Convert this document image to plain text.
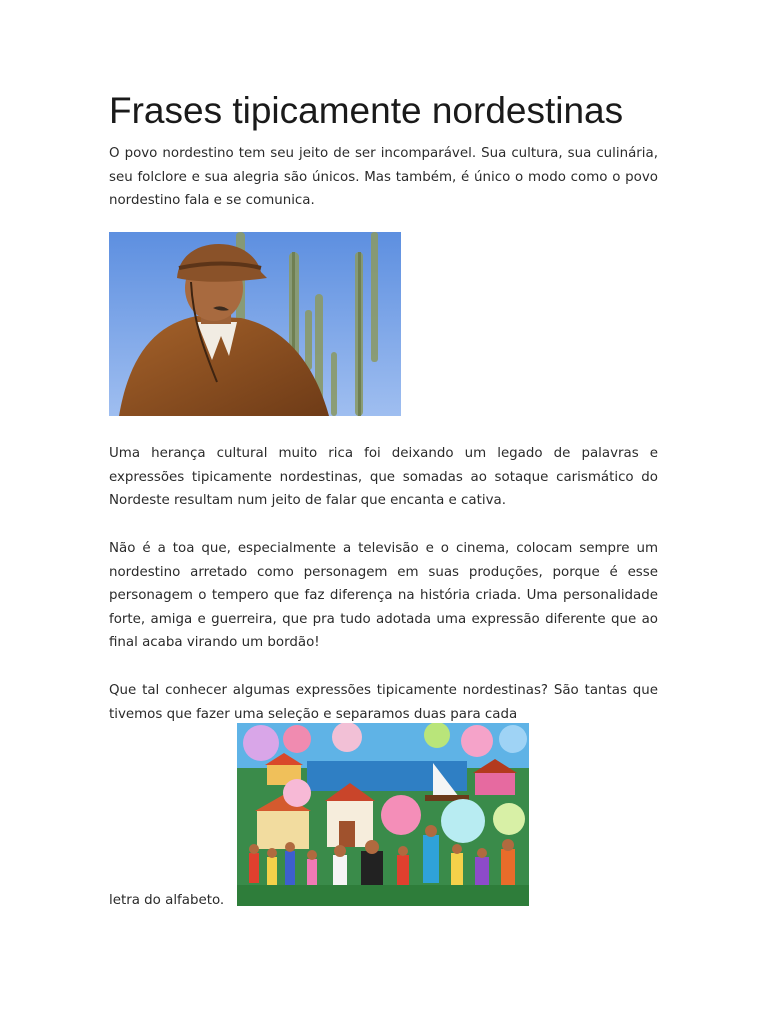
Frases tipicamente nordestinas

O povo nordestino tem seu jeito de ser incomparável. Sua cultura, sua culinária, seu folclore e sua alegria são únicos. Mas também, é único o modo como o povo nordestino fala e se comunica.

Uma herança cultural muito rica foi deixando um legado de palavras e expressões tipicamente nordestinas, que somadas ao sotaque carismático do Nordeste resultam num jeito de falar que encanta e cativa.

Não é a toa que, especialmente a televisão e o cinema, colocam sempre um nordestino arretado como personagem em suas produções, porque é esse personagem o tempero que faz diferença na história criada. Uma personalidade forte, amiga e guerreira, que pra tudo adotada uma expressão diferente que ao final acaba virando um bordão!

Que tal conhecer algumas expressões tipicamente nordestinas? São tantas que tivemos que fazer uma seleção e separamos duas para cada

letra do alfabeto.
